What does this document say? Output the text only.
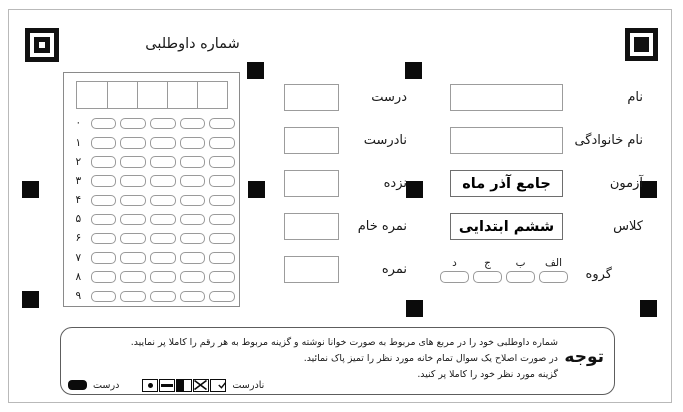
شماره داوطلبی
۰
۱
۲
۳
۴
۵
۶
۷
۸
۹
نام
نام خانوادگی
آزمون
جامع آذر ماه
کلاس
ششم ابتدایی
گروه
الف
ب
ج
د
درست
نادرست
نزده
نمره خام
نمره
توجه
شماره داوطلبی خود را در مربع های مربوط به صورت خوانا نوشته و گزینه مربوط به هر رقم را کاملا پر نمایید.
در صورت اصلاح یک سوال تمام خانه مورد نظر را تمیز پاک نمائید.
گزینه مورد نظر خود را کاملا پر کنید.
درست	نادرست
